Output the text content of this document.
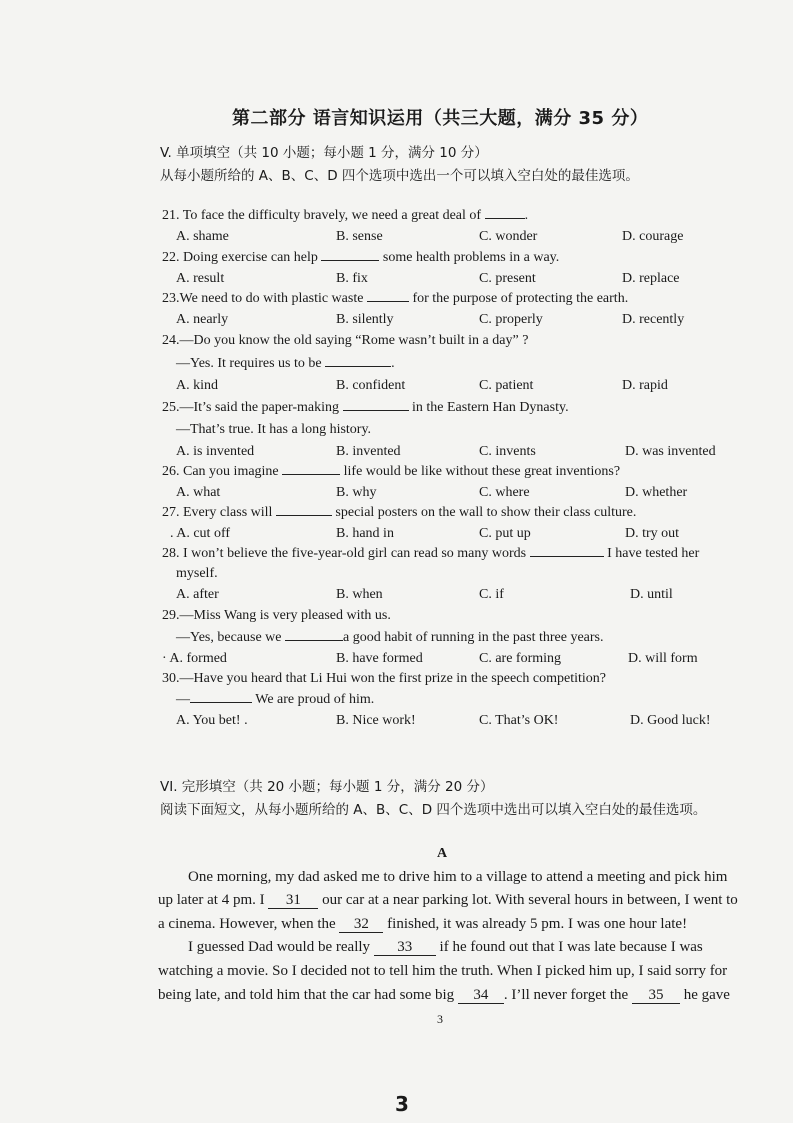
第二部分 语言知识运用（共三大题，满分 35 分）
V. 单项填空（共 10 小题；每小题 1 分，满分 10 分）
从每小题所给的 A、B、C、D 四个选项中选出一个可以填入空白处的最佳选项。
21. To face the difficulty bravely, we need a great deal of	.
A. shame	B. sense	C. wonder	D. courage
22. Doing exercise can help	some health problems in a way.
A. result	B. fix	C. present	D. replace
23.We need to do with plastic waste	for the purpose of protecting the earth.
A. nearly	B. silently	C. properly	D. recently
24.—Do you know the old saying “Rome wasn’t built in a day” ?
—Yes. It requires us to be	.
A. kind	B. confident	C. patient	D. rapid
25.—It’s said the paper-making	in the Eastern Han Dynasty.
—That’s true. It has a long history.
A. is invented	B. invented	C. invents	D. was invented
26. Can you imagine	life would be like without these great inventions?
A. what	B. why	C. where	D. whether
27. Every class will	special posters on the wall to show their class culture.
. A. cut off	B. hand in	C. put up	D. try out
28. I won’t believe the five-year-old girl can read so many words	I have tested her
myself.
A. after	B. when	C. if	D. until
29.—Miss Wang is very pleased with us.
—Yes, because we	a good habit of running in the past three years.
· A. formed	B. have formed	C. are forming	D. will form
30.—Have you heard that Li Hui won the first prize in the speech competition?
—	We are proud of him.
A. You bet! .	B. Nice work!	C. That’s OK!	D. Good luck!
VI. 完形填空（共 20 小题；每小题 1 分，满分 20 分）
阅读下面短文，从每小题所给的 A、B、C、D 四个选项中选出可以填入空白处的最佳选项。
A
One morning, my dad asked me to drive him to a village to attend a meeting and pick him
up later at 4 pm. I 31 our car at a near parking lot. With several hours in between, I went to
a cinema. However, when the 32 finished, it was already 5 pm. I was one hour late!
I guessed Dad would be really 33 if he found out that I was late because I was
watching a movie. So I decided not to tell him the truth. When I picked him up, I said sorry for
being late, and told him that the car had some big 34 . I’ll never forget the 35 he gave
3
3
